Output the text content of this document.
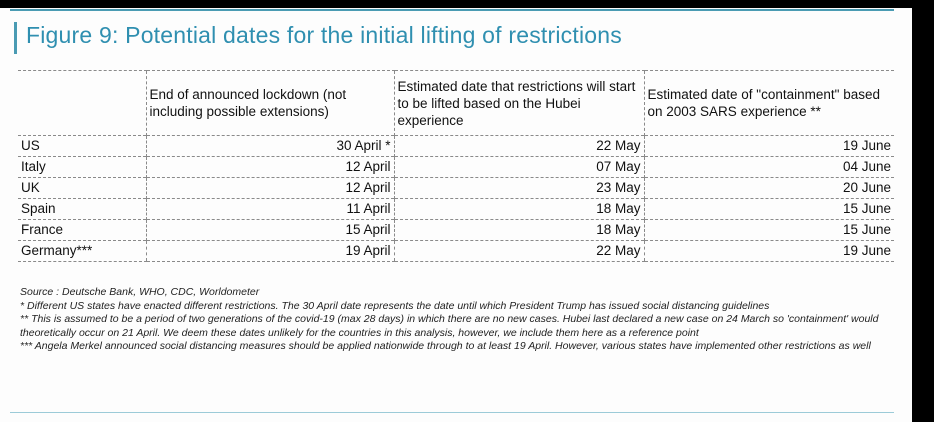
Figure 9: Potential dates for the initial lifting of restrictions
	End of announced lockdown (not including possible extensions)	Estimated date that restrictions will start to be lifted based on the Hubei experience	Estimated date of "containment" based on 2003 SARS experience **
US	30 April *	22 May	19 June
Italy	12 April	07 May	04 June
UK	12 April	23 May	20 June
Spain	11 April	18 May	15 June
France	15 April	18 May	15 June
Germany***	19 April	22 May	19 June
Source : Deutsche Bank, WHO, CDC, Worldometer
* Different US states have enacted different restrictions. The 30 April date represents the date until which President Trump has issued social distancing guidelines
** This is assumed to be a period of two generations of the covid-19 (max 28 days) in which there are no new cases. Hubei last declared a new case on 24 March so 'containment' would theoretically occur on 21 April. We deem these dates unlikely for the countries in this analysis, however, we include them here as a reference point
*** Angela Merkel announced social distancing measures should be applied nationwide through to at least 19 April. However, various states have implemented other restrictions as well
